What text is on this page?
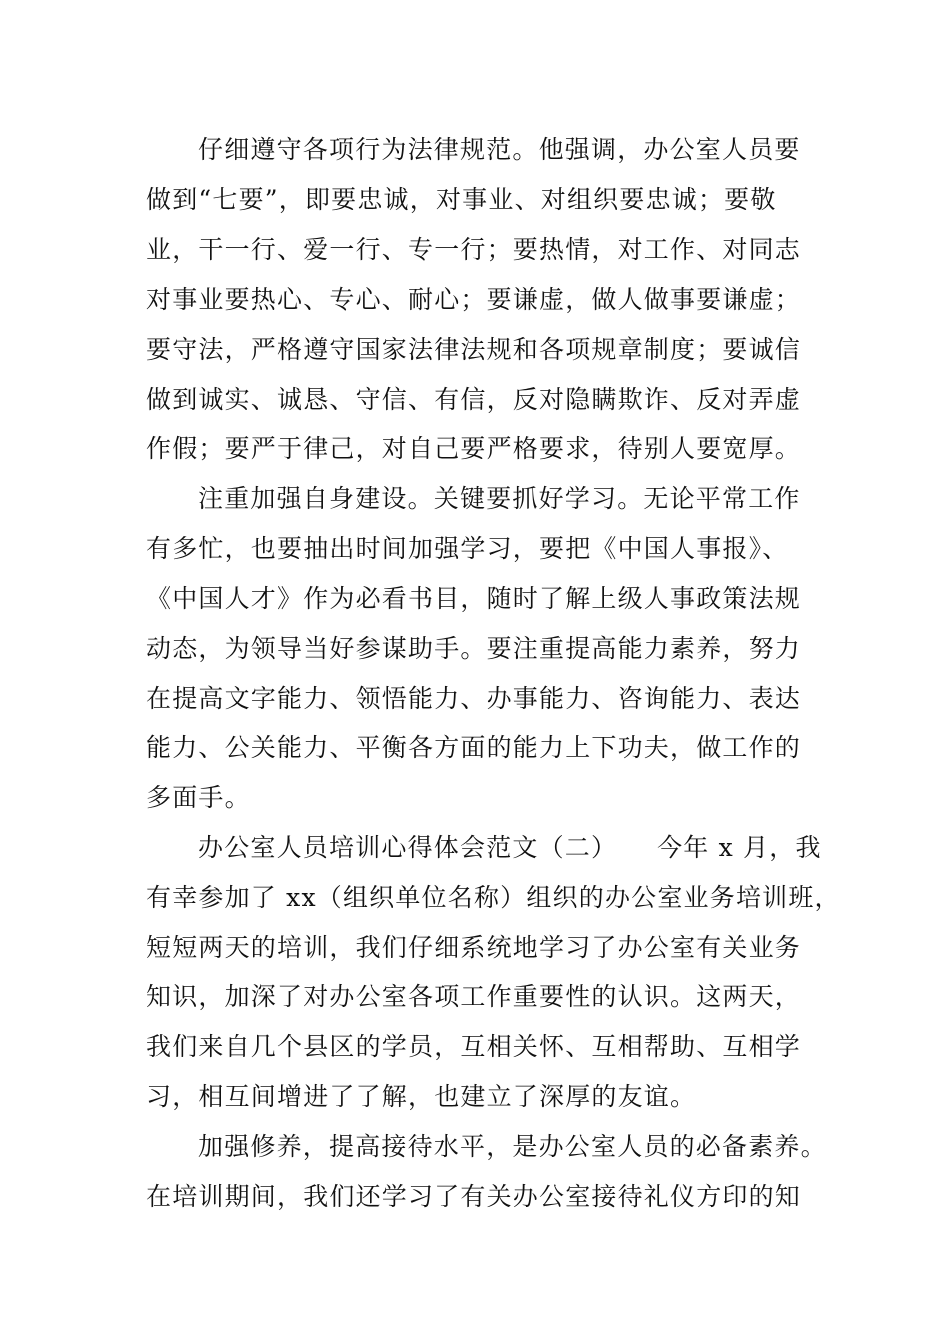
仔细遵守各项行为法律规范。他强调，办公室人员要
做到“七要”，即要忠诚，对事业、对组织要忠诚；要敬
业，干一行、爱一行、专一行；要热情，对工作、对同志
对事业要热心、专心、耐心；要谦虚，做人做事要谦虚；
要守法，严格遵守国家法律法规和各项规章制度；要诚信
做到诚实、诚恳、守信、有信，反对隐瞒欺诈、反对弄虚
作假；要严于律己，对自己要严格要求，待别人要宽厚。
注重加强自身建设。关键要抓好学习。无论平常工作
有多忙，也要抽出时间加强学习，要把《中国人事报》、
《中国人才》作为必看书目，随时了解上级人事政策法规
动态，为领导当好参谋助手。要注重提高能力素养，努力
在提高文字能力、领悟能力、办事能力、咨询能力、表达
能力、公关能力、平衡各方面的能力上下功夫，做工作的
多面手。
办公室人员培训心得体会范文（二）　　今年 x 月，我
有幸参加了 xx（组织单位名称）组织的办公室业务培训班，
短短两天的培训，我们仔细系统地学习了办公室有关业务
知识，加深了对办公室各项工作重要性的认识。这两天，
我们来自几个县区的学员，互相关怀、互相帮助、互相学
习，相互间增进了了解，也建立了深厚的友谊。
加强修养，提高接待水平，是办公室人员的必备素养。
在培训期间，我们还学习了有关办公室接待礼仪方印的知
